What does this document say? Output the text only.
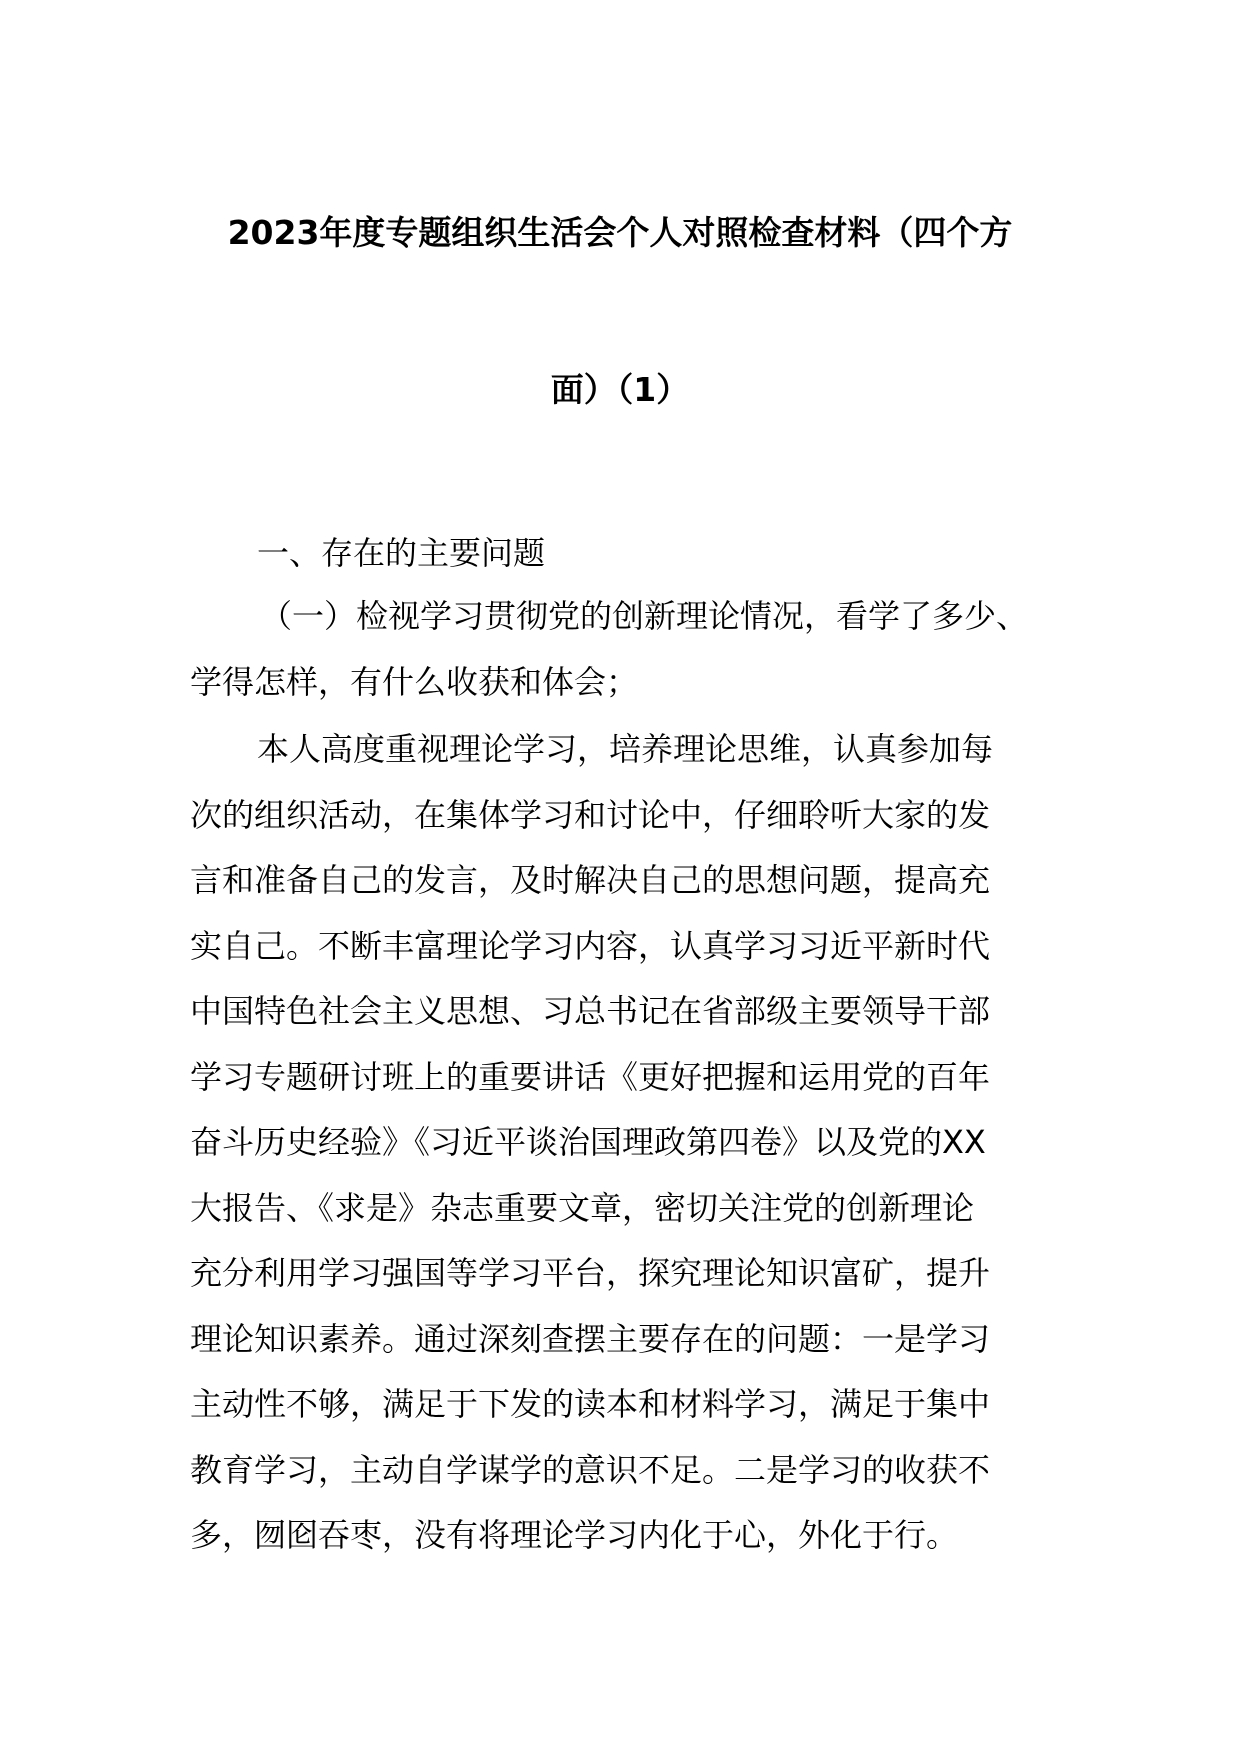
2023年度专题组织生活会个人对照检查材料（四个方
面）（1）

一、存在的主要问题

（一）检视学习贯彻党的创新理论情况，看学了多少、
学得怎样，有什么收获和体会；
本人高度重视理论学习，培养理论思维，认真参加每
次的组织活动，在集体学习和讨论中，仔细聆听大家的发
言和准备自己的发言，及时解决自己的思想问题，提高充
实自己。不断丰富理论学习内容，认真学习习近平新时代
中国特色社会主义思想、习总书记在省部级主要领导干部
学习专题研讨班上的重要讲话《更好把握和运用党的百年
奋斗历史经验》《习近平谈治国理政第四卷》以及党的XX
大报告、《求是》杂志重要文章，密切关注党的创新理论
充分利用学习强国等学习平台，探究理论知识富矿，提升
理论知识素养。通过深刻查摆主要存在的问题：一是学习
主动性不够，满足于下发的读本和材料学习，满足于集中
教育学习，主动自学谋学的意识不足。二是学习的收获不
多，囫囵吞枣，没有将理论学习内化于心，外化于行。
